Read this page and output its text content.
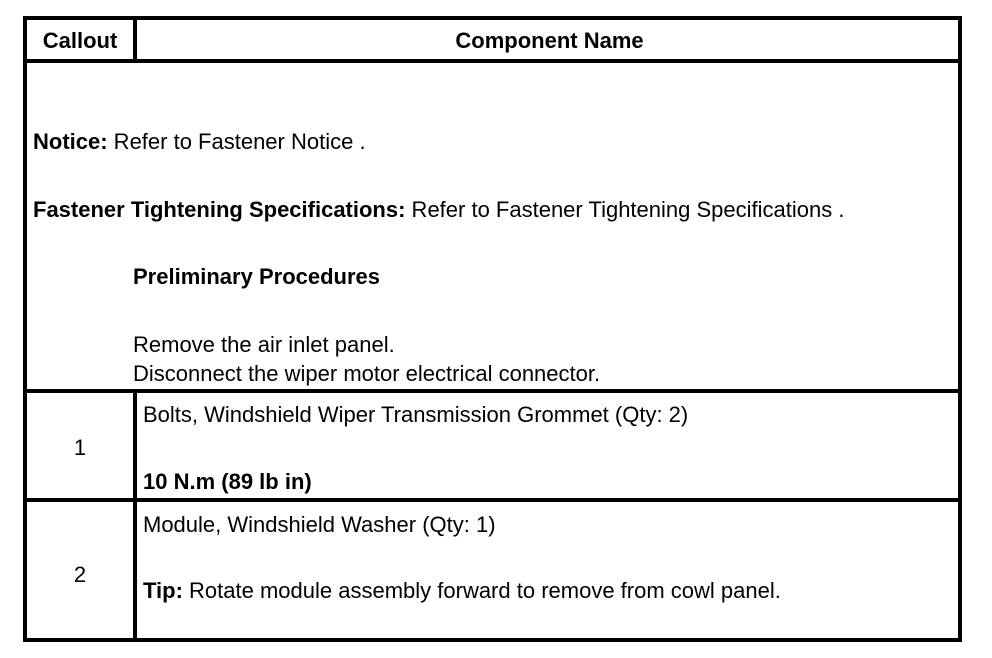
Callout	Component Name
Notice: Refer to Fastener Notice .
Fastener Tightening Specifications: Refer to Fastener Tightening Specifications .
Preliminary Procedures
Remove the air inlet panel.
Disconnect the wiper motor electrical connector.
1
Bolts, Windshield Wiper Transmission Grommet (Qty: 2)
10 N.m (89 lb in)
2
Module, Windshield Washer (Qty: 1)
Tip: Rotate module assembly forward to remove from cowl panel.
